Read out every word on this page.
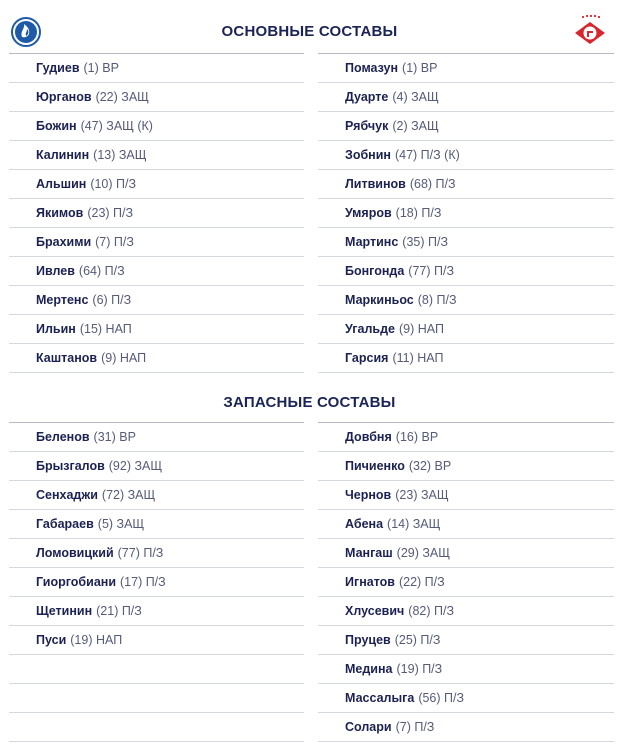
ОСНОВНЫЕ СОСТАВЫ
Гудиев (1) ВР
Юрганов (22) ЗАЩ
Божин (47) ЗАЩ (К)
Калинин (13) ЗАЩ
Альшин (10) П/З
Якимов (23) П/З
Брахими (7) П/З
Ивлев (64) П/З
Мертенс (6) П/З
Ильин (15) НАП
Каштанов (9) НАП
Помазун (1) ВР
Дуарте (4) ЗАЩ
Рябчук (2) ЗАЩ
Зобнин (47) П/З (К)
Литвинов (68) П/З
Умяров (18) П/З
Мартинс (35) П/З
Бонгонда (77) П/З
Маркиньос (8) П/З
Угальде (9) НАП
Гарсия (11) НАП
ЗАПАСНЫЕ СОСТАВЫ
Беленов (31) ВР
Брызгалов (92) ЗАЩ
Сенхаджи (72) ЗАЩ
Габараев (5) ЗАЩ
Ломовицкий (77) П/З
Гиоргобиани (17) П/З
Щетинин (21) П/З
Пуси (19) НАП
Довбня (16) ВР
Пичиенко (32) ВР
Чернов (23) ЗАЩ
Абена (14) ЗАЩ
Мангаш (29) ЗАЩ
Игнатов (22) П/З
Хлусевич (82) П/З
Пруцев (25) П/З
Медина (19) П/З
Массалыга (56) П/З
Солари (7) П/З
